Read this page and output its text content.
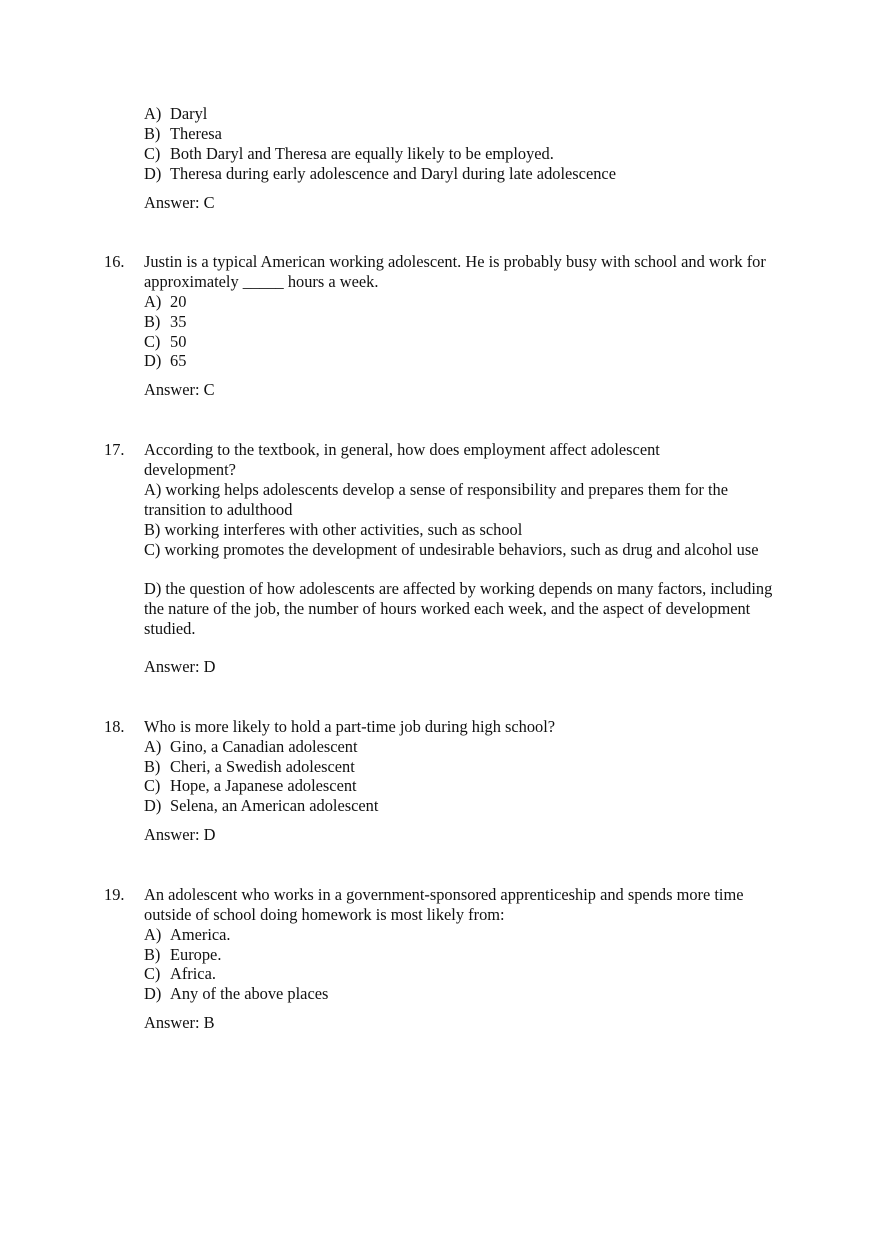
A) Daryl
B) Theresa
C) Both Daryl and Theresa are equally likely to be employed.
D) Theresa during early adolescence and Daryl during late adolescence
Answer: C
16. Justin is a typical American working adolescent. He is probably busy with school and work for approximately _____ hours a week.
A) 20
B) 35
C) 50
D) 65
Answer: C
17. According to the textbook, in general, how does employment affect adolescent development?
A) working helps adolescents develop a sense of responsibility and prepares them for the transition to adulthood
B) working interferes with other activities, such as school
C) working promotes the development of undesirable behaviors, such as drug and alcohol use
D) the question of how adolescents are affected by working depends on many factors, including the nature of the job, the number of hours worked each week, and the aspect of development studied.
Answer: D
18. Who is more likely to hold a part-time job during high school?
A) Gino, a Canadian adolescent
B) Cheri, a Swedish adolescent
C) Hope, a Japanese adolescent
D) Selena, an American adolescent
Answer: D
19. An adolescent who works in a government-sponsored apprenticeship and spends more time outside of school doing homework is most likely from:
A) America.
B) Europe.
C) Africa.
D) Any of the above places
Answer: B
